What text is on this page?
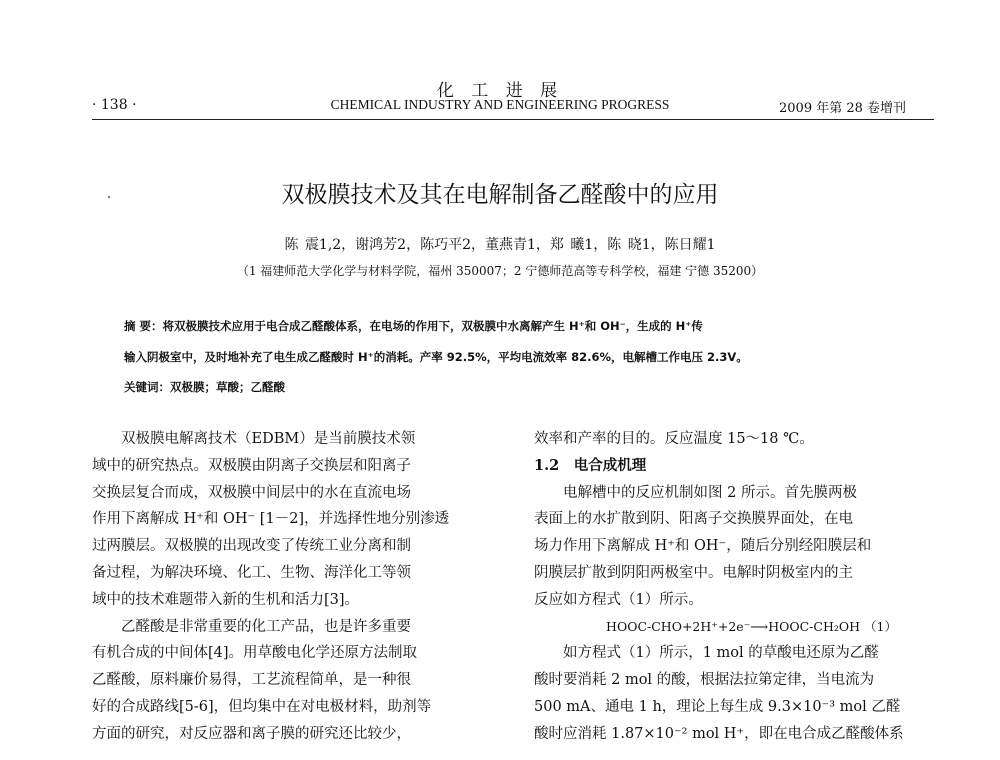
化 工 进 展
· 138 ·	CHEMICAL INDUSTRY AND ENGINEERING PROGRESS	2009 年第 28 卷增刊
双极膜技术及其在电解制备乙醛酸中的应用
陈 震1,2，谢鸿芳2，陈巧平2，董燕青1，郑 曦1，陈 晓1，陈日耀1
（1 福建师范大学化学与材料学院，福州 350007；2 宁德师范高等专科学校，福建 宁德 35200）
摘 要：将双极膜技术应用于电合成乙醛酸体系，在电场的作用下，双极膜中水离解产生 H⁺和 OH⁻，生成的 H⁺传
输入阴极室中，及时地补充了电生成乙醛酸时 H⁺的消耗。产率 92.5%，平均电流效率 82.6%，电解槽工作电压 2.3V。
关键词：双极膜；草酸；乙醛酸
双极膜电解离技术（EDBM）是当前膜技术领
域中的研究热点。双极膜由阴离子交换层和阳离子
交换层复合而成，双极膜中间层中的水在直流电场
作用下离解成 H⁺和 OH⁻ [1－2]，并选择性地分别渗透
过两膜层。双极膜的出现改变了传统工业分离和制
备过程，为解决环境、化工、生物、海洋化工等领
域中的技术难题带入新的生机和活力[3]。
乙醛酸是非常重要的化工产品，也是许多重要
有机合成的中间体[4]。用草酸电化学还原方法制取
乙醛酸，原料廉价易得，工艺流程简单，是一种很
好的合成路线[5-6]，但均集中在对电极材料，助剂等
方面的研究，对反应器和离子膜的研究还比较少，
效率和产率的目的。反应温度 15～18 ℃。
1.2　电合成机理
电解槽中的反应机制如图 2 所示。首先膜两极
表面上的水扩散到阴、阳离子交换膜界面处，在电
场力作用下离解成 H⁺和 OH⁻，随后分别经阳膜层和
阴膜层扩散到阴阳两极室中。电解时阴极室内的主
反应如方程式（1）所示。
HOOC-CHO+2H⁺+2e⁻⟶HOOC-CH₂OH （1）
如方程式（1）所示，1 mol 的草酸电还原为乙醛
酸时要消耗 2 mol 的酸，根据法拉第定律，当电流为
500 mA、通电 1 h，理论上每生成 9.3×10⁻³ mol 乙醛
酸时应消耗 1.87×10⁻² mol H⁺，即在电合成乙醛酸体系
